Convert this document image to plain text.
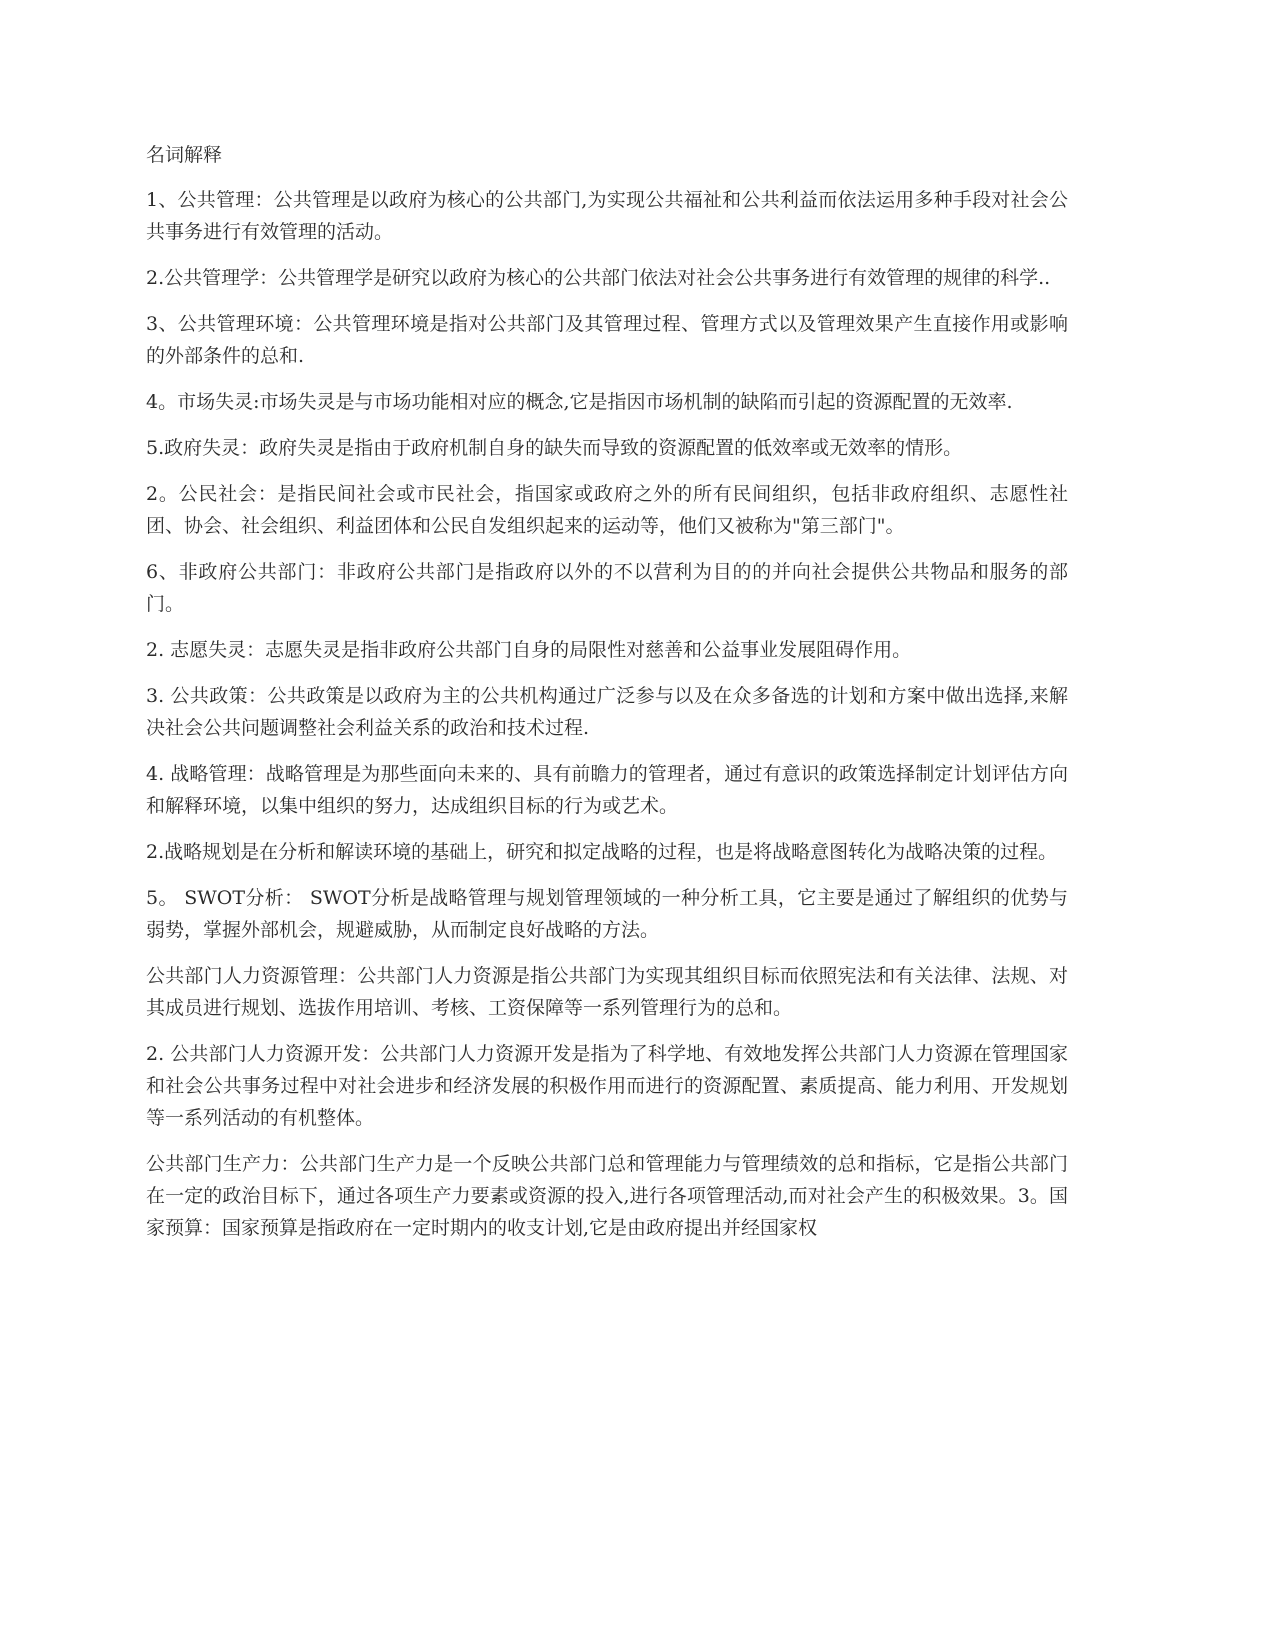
名词解释

1、公共管理：公共管理是以政府为核心的公共部门,为实现公共福祉和公共利益而依法运用多种手段对社会公共事务进行有效管理的活动。

2.公共管理学：公共管理学是研究以政府为核心的公共部门依法对社会公共事务进行有效管理的规律的科学..

3、公共管理环境：公共管理环境是指对公共部门及其管理过程、管理方式以及管理效果产生直接作用或影响的外部条件的总和.

4。市场失灵:市场失灵是与市场功能相对应的概念,它是指因市场机制的缺陷而引起的资源配置的无效率.

5.政府失灵：政府失灵是指由于政府机制自身的缺失而导致的资源配置的低效率或无效率的情形。

2。公民社会：是指民间社会或市民社会，指国家或政府之外的所有民间组织，包括非政府组织、志愿性社团、协会、社会组织、利益团体和公民自发组织起来的运动等，他们又被称为"第三部门"。

6、非政府公共部门：非政府公共部门是指政府以外的不以营利为目的的并向社会提供公共物品和服务的部门。

2. 志愿失灵：志愿失灵是指非政府公共部门自身的局限性对慈善和公益事业发展阻碍作用。

3. 公共政策：公共政策是以政府为主的公共机构通过广泛参与以及在众多备选的计划和方案中做出选择,来解决社会公共问题调整社会利益关系的政治和技术过程.

4. 战略管理：战略管理是为那些面向未来的、具有前瞻力的管理者，通过有意识的政策选择制定计划评估方向和解释环境，以集中组织的努力，达成组织目标的行为或艺术。

2.战略规划是在分析和解读环境的基础上，研究和拟定战略的过程，也是将战略意图转化为战略决策的过程。

5。 SWOT分析： SWOT分析是战略管理与规划管理领域的一种分析工具，它主要是通过了解组织的优势与弱势，掌握外部机会，规避威胁，从而制定良好战略的方法。

公共部门人力资源管理：公共部门人力资源是指公共部门为实现其组织目标而依照宪法和有关法律、法规、对其成员进行规划、选拔作用培训、考核、工资保障等一系列管理行为的总和。

2. 公共部门人力资源开发：公共部门人力资源开发是指为了科学地、有效地发挥公共部门人力资源在管理国家和社会公共事务过程中对社会进步和经济发展的积极作用而进行的资源配置、素质提高、能力利用、开发规划等一系列活动的有机整体。

公共部门生产力：公共部门生产力是一个反映公共部门总和管理能力与管理绩效的总和指标，它是指公共部门在一定的政治目标下，通过各项生产力要素或资源的投入,进行各项管理活动,而对社会产生的积极效果。3。国家预算：国家预算是指政府在一定时期内的收支计划,它是由政府提出并经国家权
